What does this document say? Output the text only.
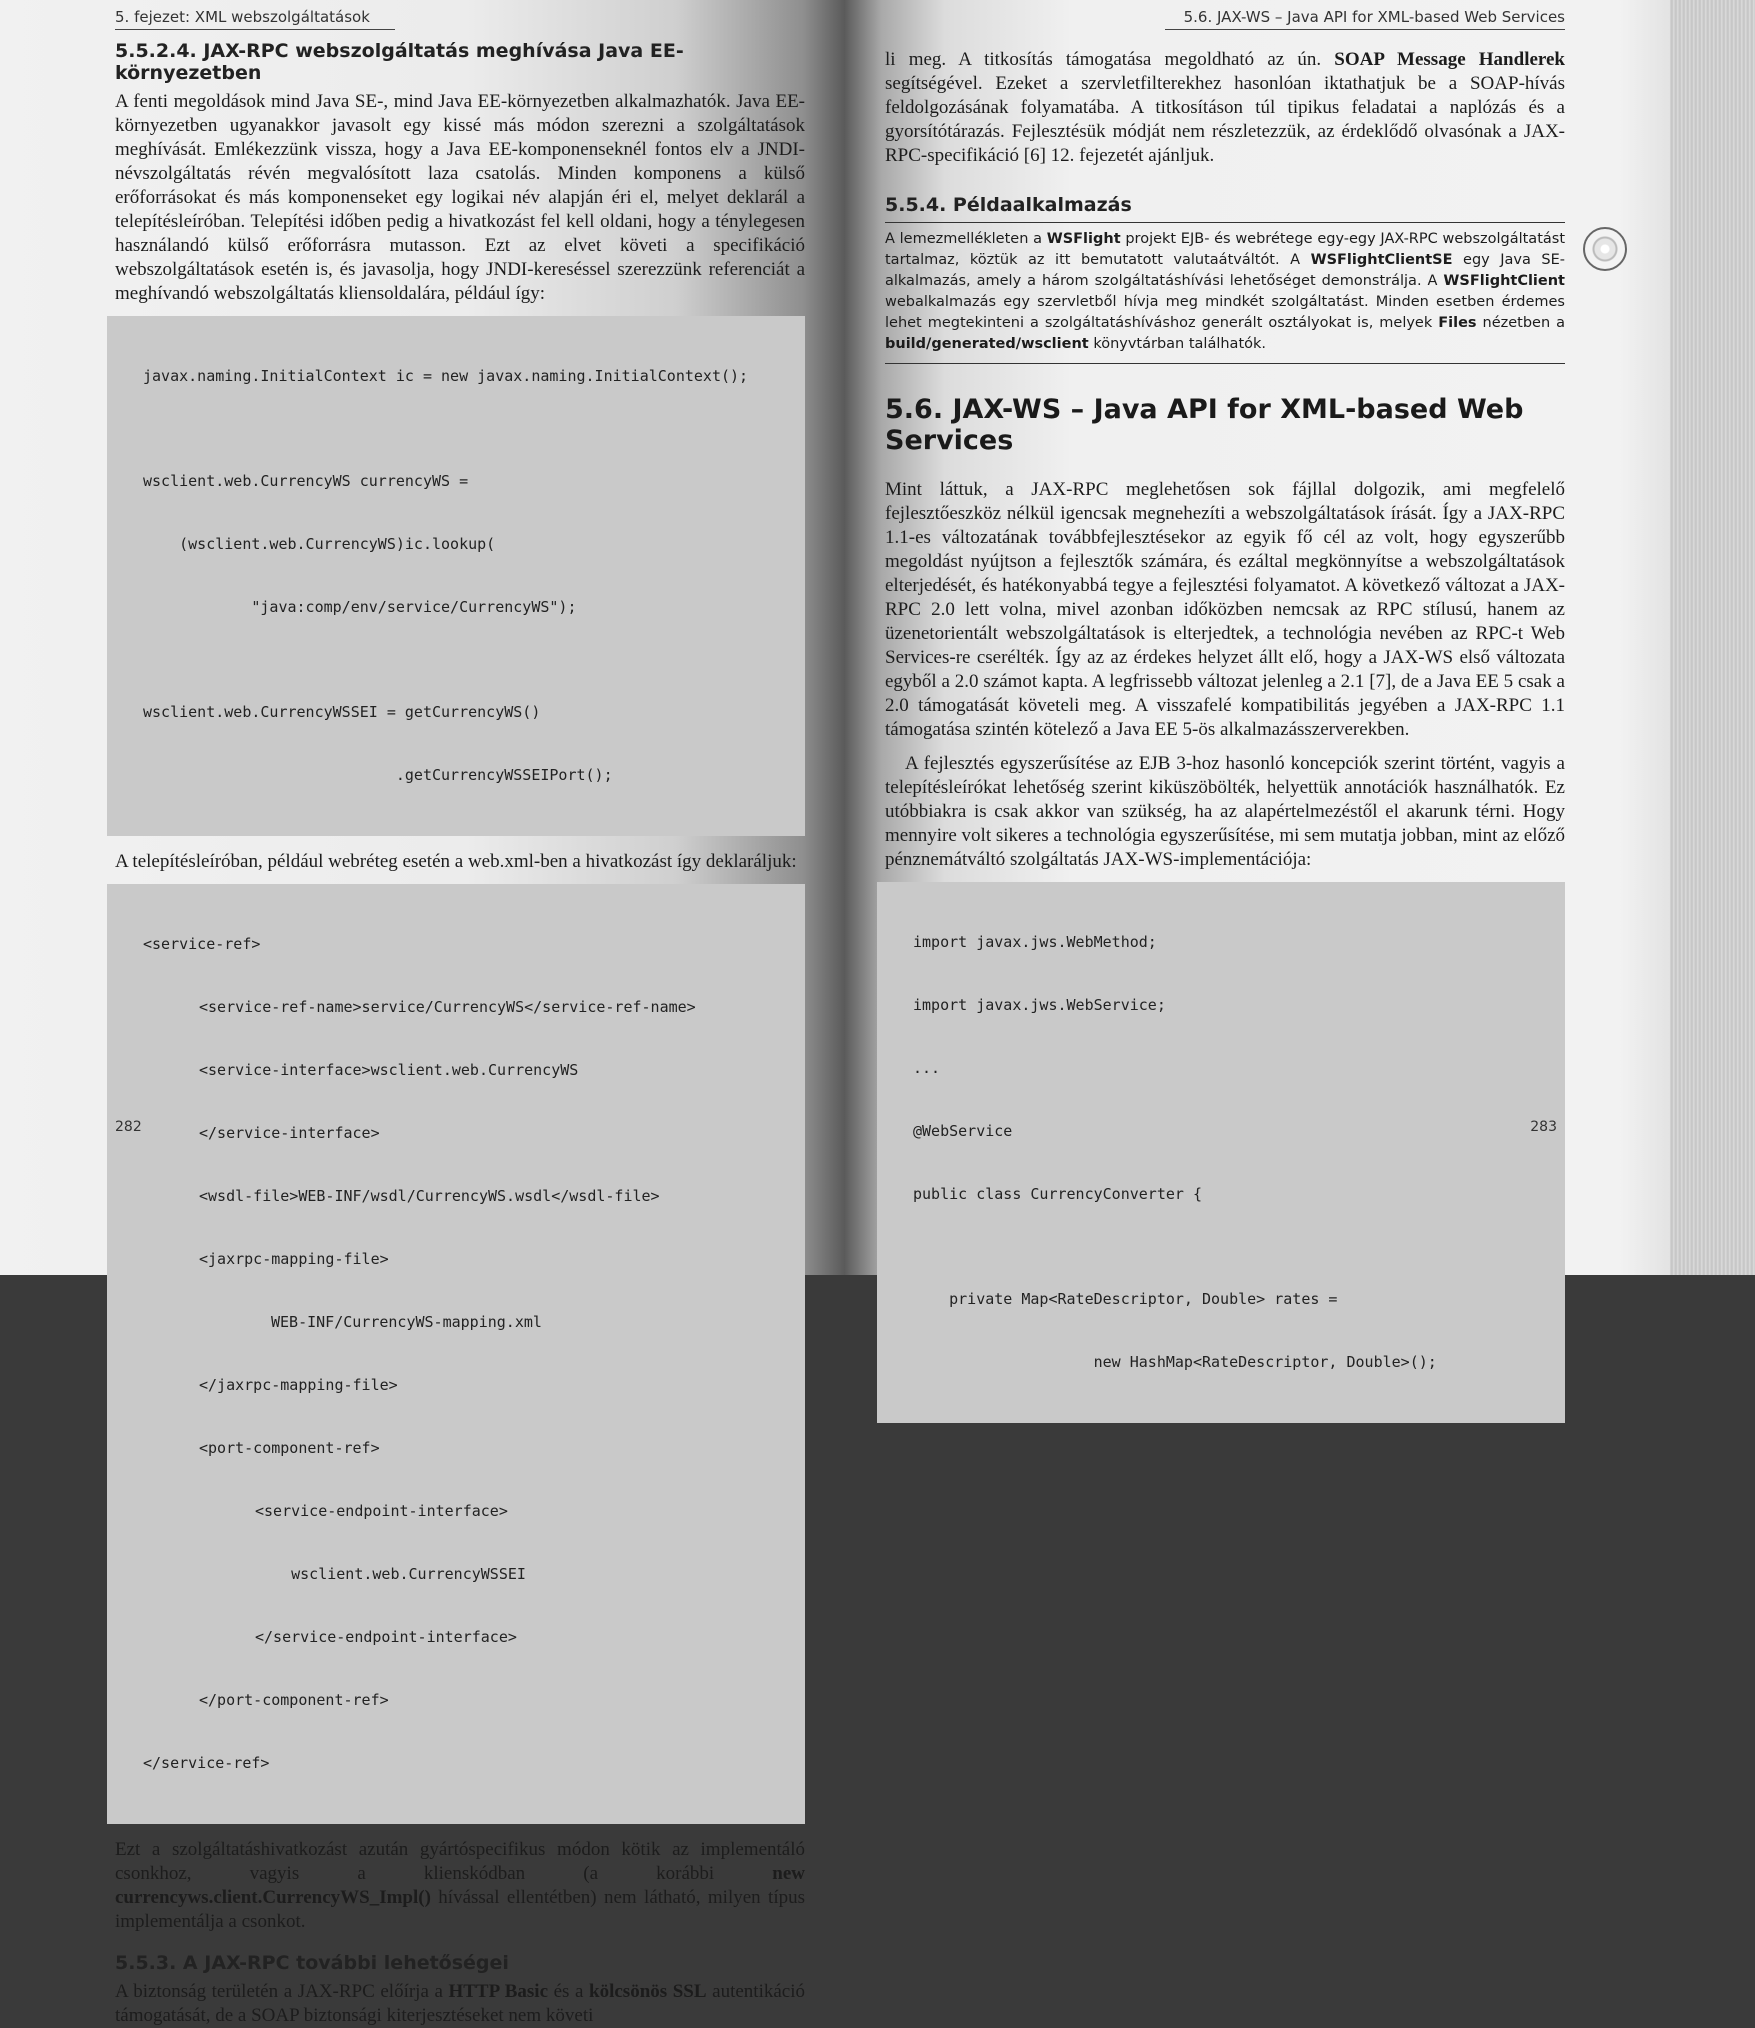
5. fejezet: XML webszolgáltatások
5.5.2.4. JAX-RPC webszolgáltatás meghívása Java EE-környezetben

A fenti megoldások mind Java SE-, mind Java EE-környezetben alkalmazhatók. Java EE-környezetben ugyanakkor javasolt egy kissé más módon szerezni a szolgáltatások meghívását. Emlékezzünk vissza, hogy a Java EE-komponenseknél fontos elv a JNDI-névszolgáltatás révén megvalósított laza csatolás. Minden komponens a külső erőforrásokat és más komponenseket egy logikai név alapján éri el, melyet deklarál a telepítésleíróban. Telepítési időben pedig a hivatkozást fel kell oldani, hogy a ténylegesen használandó külső erőforrásra mutasson. Ezt az elvet követi a specifikáció webszolgáltatások esetén is, és javasolja, hogy JNDI-kereséssel szerezzünk referenciát a meghívandó webszolgáltatás kliensoldalára, például így:

javax.naming.InitialContext ic = new javax.naming.InitialContext();

wsclient.web.CurrencyWS currencyWS =

(wsclient.web.CurrencyWS)ic.lookup(

"java:comp/env/service/CurrencyWS");

wsclient.web.CurrencyWSSEI = getCurrencyWS()

.getCurrencyWSSEIPort();

A telepítésleíróban, például webréteg esetén a web.xml-ben a hivatkozást így deklaráljuk:

<service-ref>

<service-ref-name>service/CurrencyWS</service-ref-name>

<service-interface>wsclient.web.CurrencyWS

</service-interface>

<wsdl-file>WEB-INF/wsdl/CurrencyWS.wsdl</wsdl-file>

<jaxrpc-mapping-file>

WEB-INF/CurrencyWS-mapping.xml

</jaxrpc-mapping-file>

<port-component-ref>

<service-endpoint-interface>

wsclient.web.CurrencyWSSEI

</service-endpoint-interface>

</port-component-ref>

</service-ref>

Ezt a szolgáltatáshivatkozást azután gyártóspecifikus módon kötik az implementáló csonkhoz, vagyis a klienskódban (a korábbi new currencyws.client.CurrencyWS_Impl() hívással ellentétben) nem látható, milyen típus implementálja a csonkot.

5.5.3. A JAX-RPC további lehetőségei

A biztonság területén a JAX-RPC előírja a HTTP Basic és a kölcsönös SSL autentikáció támogatását, de a SOAP biztonsági kiterjesztéseket nem követi

282
5.6. JAX-WS – Java API for XML-based Web Services

li meg. A titkosítás támogatása megoldható az ún. SOAP Message Handlerek segítségével. Ezeket a szervletfilterekhez hasonlóan iktathatjuk be a SOAP-hívás feldolgozásának folyamatába. A titkosításon túl tipikus feladatai a naplózás és a gyorsítótárazás. Fejlesztésük módját nem részletezzük, az érdeklődő olvasónak a JAX-RPC-specifikáció [6] 12. fejezetét ajánljuk.

5.5.4. Példaalkalmazás
A lemezmellékleten a WSFlight projekt EJB- és webrétege egy-egy JAX-RPC webszolgáltatást tartalmaz, köztük az itt bemutatott valutaátváltót. A WSFlightClientSE egy Java SE-alkalmazás, amely a három szolgáltatáshívási lehetőséget demonstrálja. A WSFlightClient webalkalmazás egy szervletből hívja meg mindkét szolgáltatást. Minden esetben érdemes lehet megtekinteni a szolgáltatáshíváshoz generált osztályokat is, melyek Files nézetben a build/generated/wsclient könyvtárban találhatók.
5.6. JAX-WS – Java API for XML-based Web Services

Mint láttuk, a JAX-RPC meglehetősen sok fájllal dolgozik, ami megfelelő fejlesztőeszköz nélkül igencsak megnehezíti a webszolgáltatások írását. Így a JAX-RPC 1.1-es változatának továbbfejlesztésekor az egyik fő cél az volt, hogy egyszerűbb megoldást nyújtson a fejlesztők számára, és ezáltal megkönnyítse a webszolgáltatások elterjedését, és hatékonyabbá tegye a fejlesztési folyamatot. A következő változat a JAX-RPC 2.0 lett volna, mivel azonban időközben nemcsak az RPC stílusú, hanem az üzenetorientált webszolgáltatások is elterjedtek, a technológia nevében az RPC-t Web Services-re cserélték. Így az az érdekes helyzet állt elő, hogy a JAX-WS első változata egyből a 2.0 számot kapta. A legfrissebb változat jelenleg a 2.1 [7], de a Java EE 5 csak a 2.0 támogatását követeli meg. A visszafelé kompatibilitás jegyében a JAX-RPC 1.1 támogatása szintén kötelező a Java EE 5-ös alkalmazásszerverekben.

A fejlesztés egyszerűsítése az EJB 3-hoz hasonló koncepciók szerint történt, vagyis a telepítésleírókat lehetőség szerint kiküszöbölték, helyettük annotációk használhatók. Ez utóbbiakra is csak akkor van szükség, ha az alapértelmezéstől el akarunk térni. Hogy mennyire volt sikeres a technológia egyszerűsítése, mi sem mutatja jobban, mint az előző pénznemátváltó szolgáltatás JAX-WS-implementációja:

import javax.jws.WebMethod;

import javax.jws.WebService;

...

@WebService

public class CurrencyConverter {

private Map<RateDescriptor, Double> rates =

new HashMap<RateDescriptor, Double>();

283
